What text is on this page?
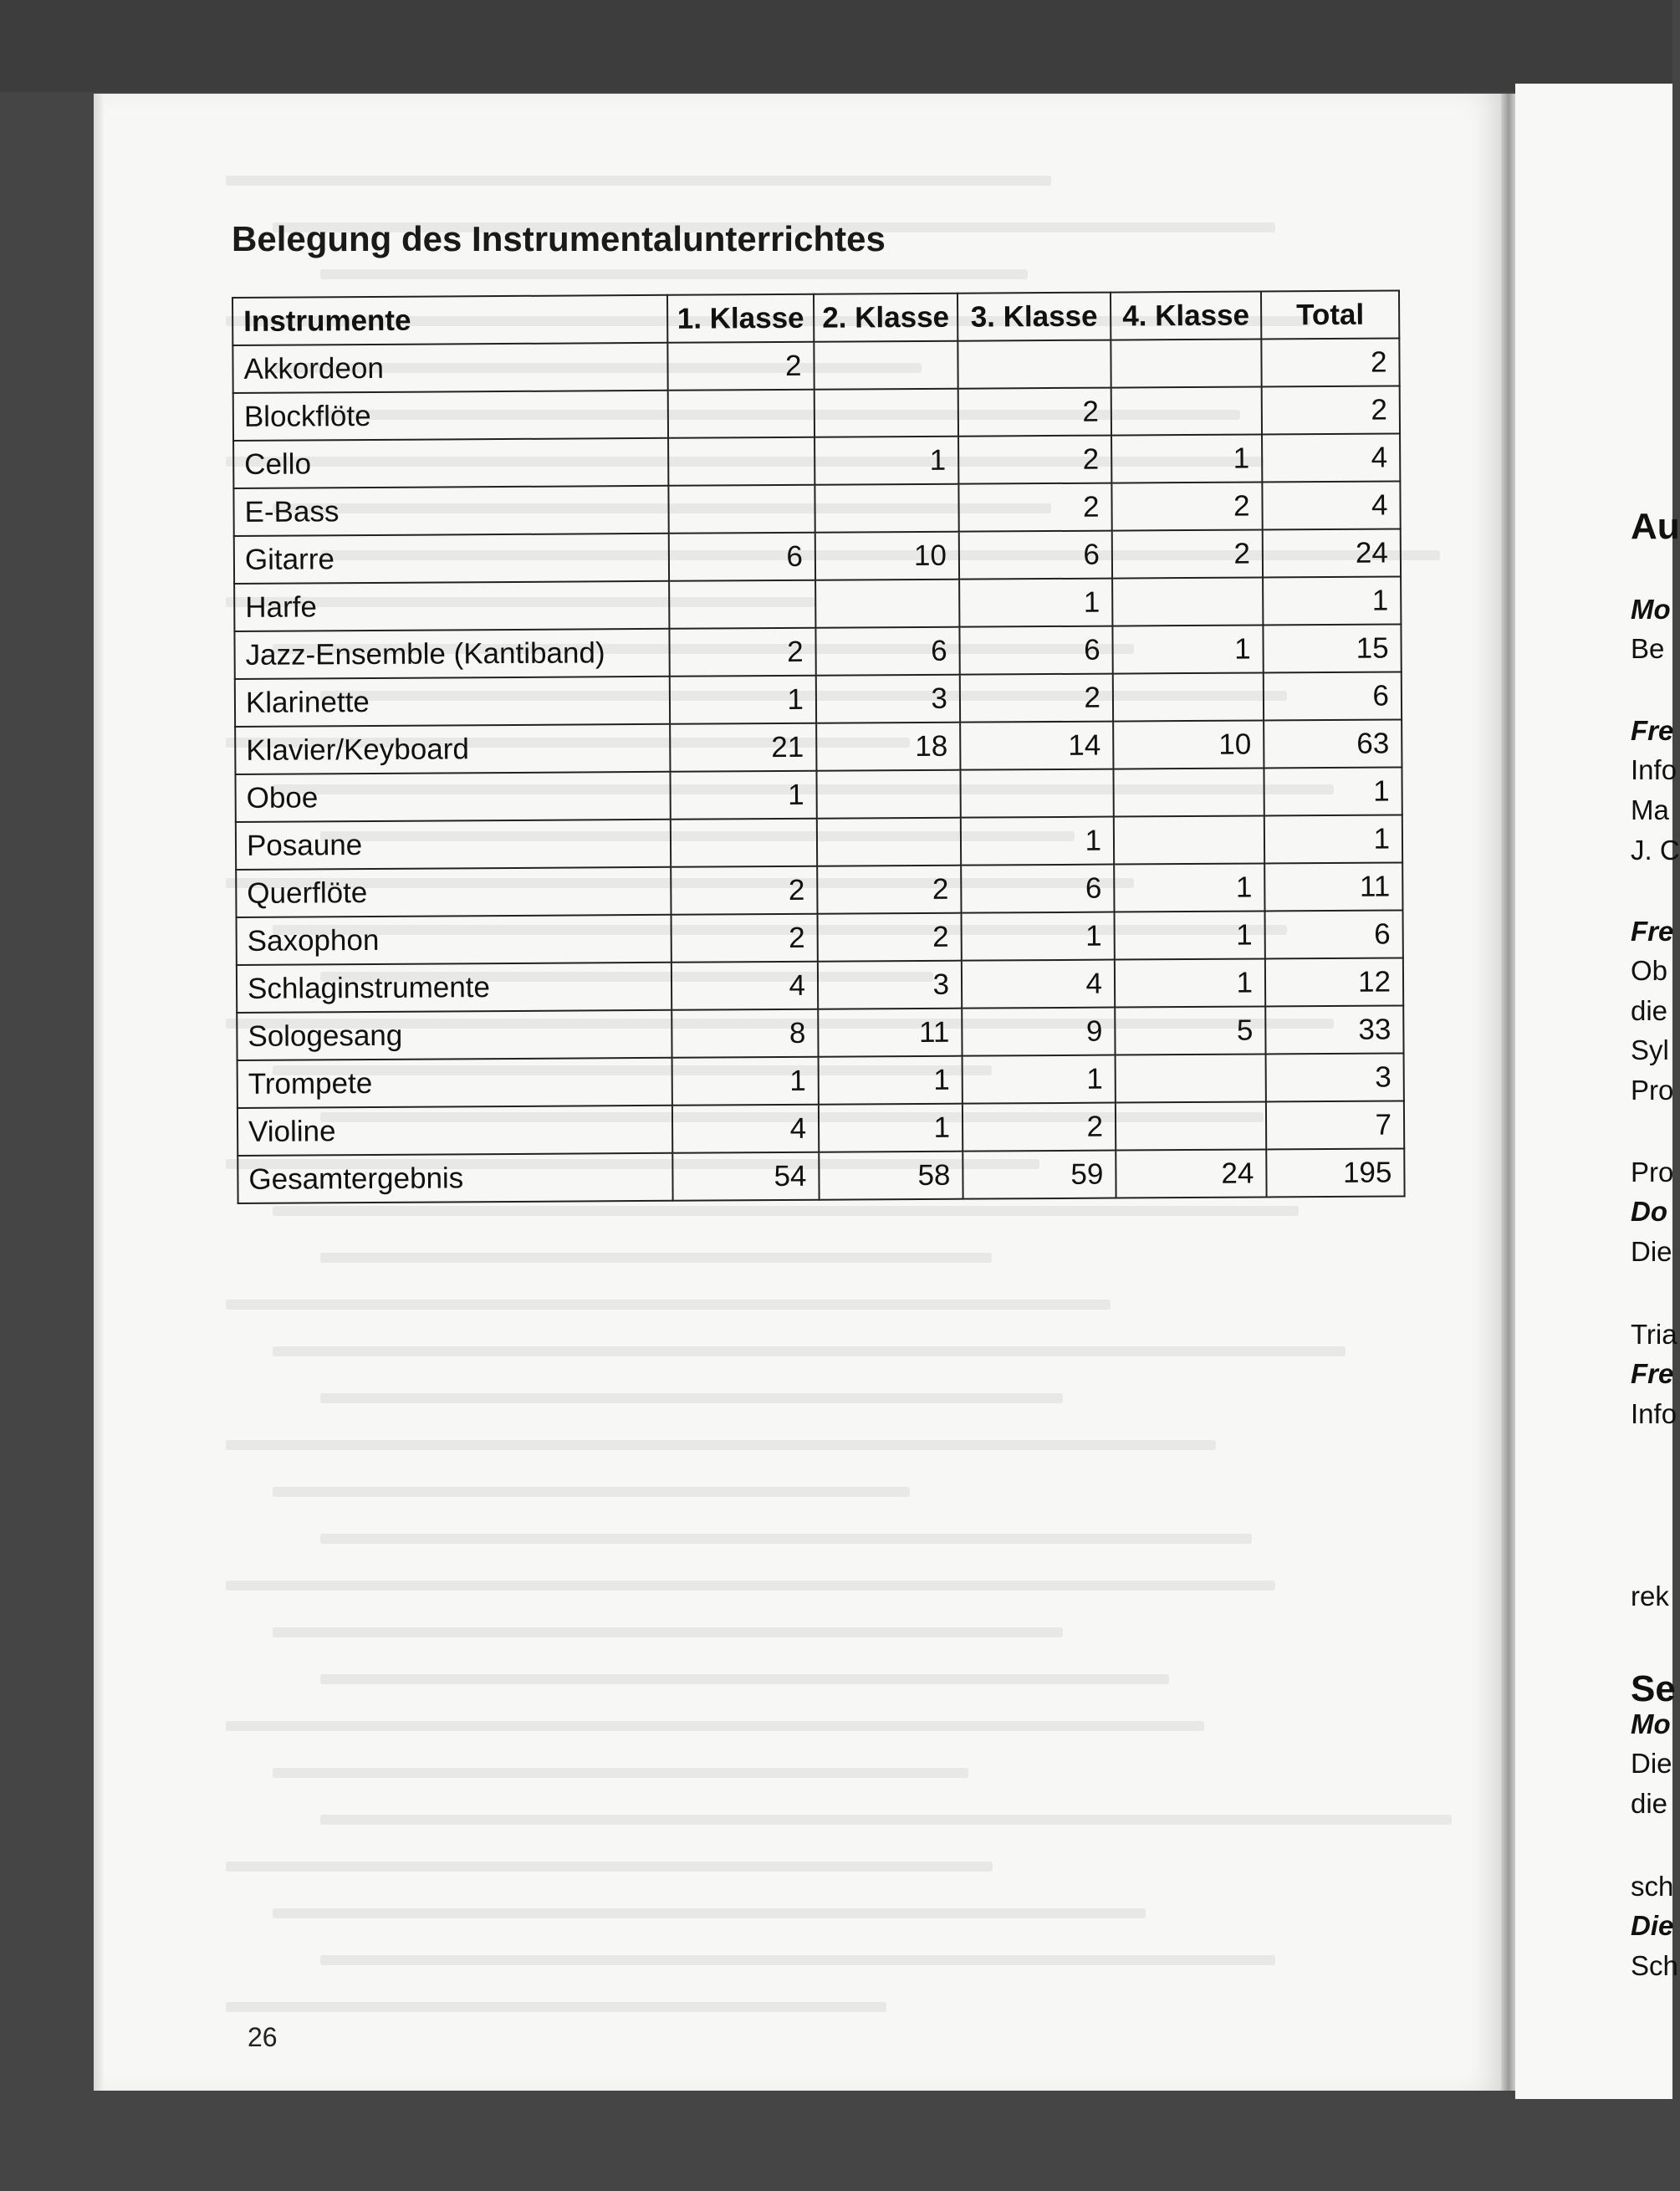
Belegung des Instrumentalunterrichtes
Instrumente	1. Klasse	2. Klasse	3. Klasse	4. Klasse	Total
Akkordeon	2				2
Blockflöte			2		2
Cello		1	2	1	4
E-Bass			2	2	4
Gitarre	6	10	6	2	24
Harfe			1		1
Jazz-Ensemble (Kantiband)	2	6	6	1	15
Klarinette	1	3	2		6
Klavier/Keyboard	21	18	14	10	63
Oboe	1				1
Posaune			1		1
Querflöte	2	2	6	1	11
Saxophon	2	2	1	1	6
Schlaginstrumente	4	3	4	1	12
Sologesang	8	11	9	5	33
Trompete	1	1	1		3
Violine	4	1	2		7
Gesamtergebnis	54	58	59	24	195
26
Au
Mo
Be
Fre
Info
Ma
J. C
Fre
Ob
die
Syl
Pro
Pro
Do
Die
Tria
Fre
Info
rek
Se
Mo
Die
die
sch
Die
Sch
